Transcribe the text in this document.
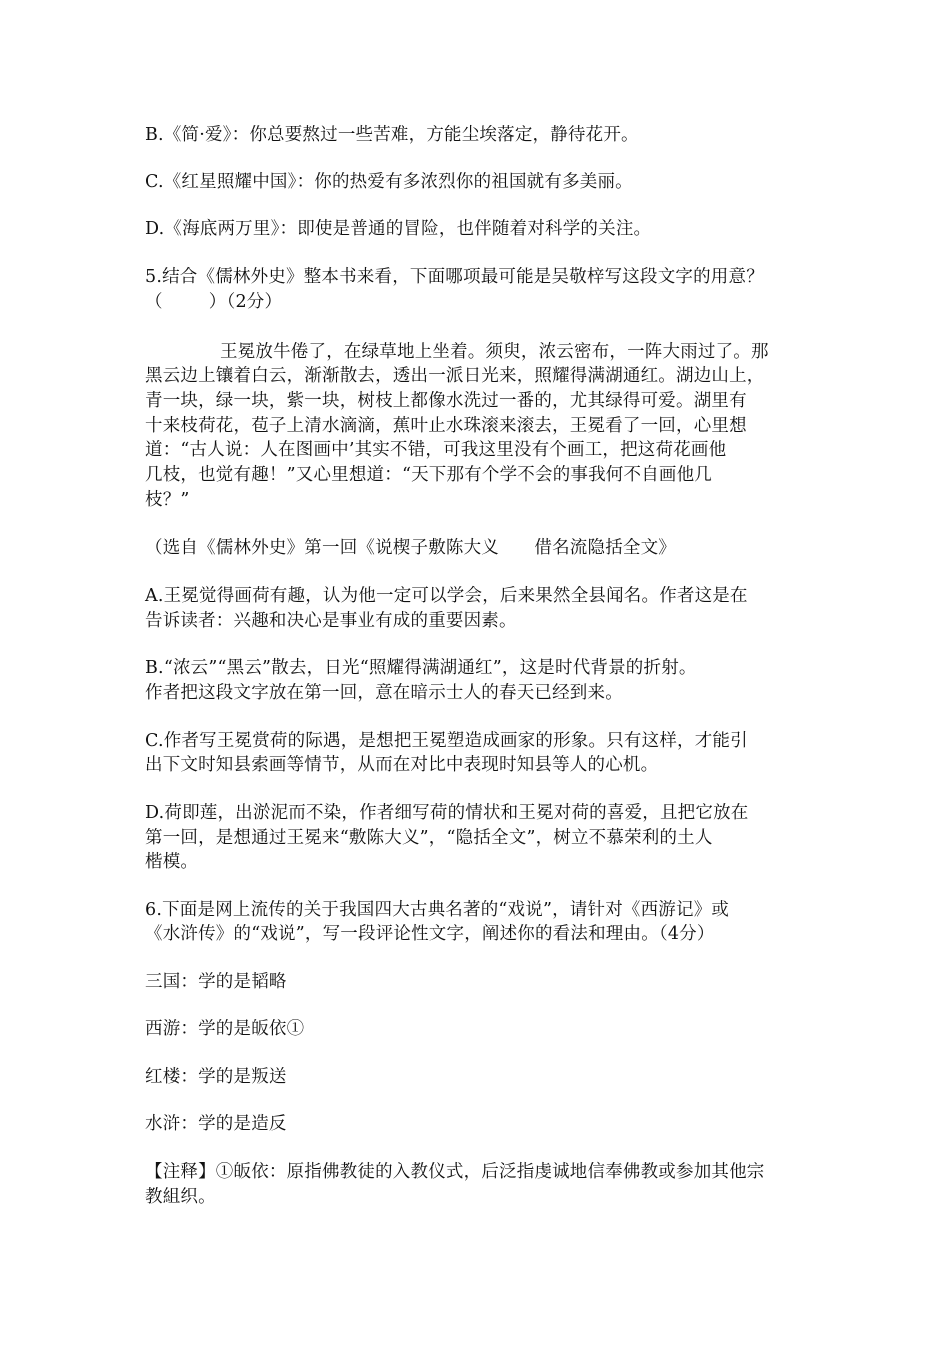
B.《简·爱》：你总要熬过一些苦难，方能尘埃落定，静待花开。
C.《红星照耀中国》：你的热爱有多浓烈你的祖国就有多美丽。
D.《海底两万里》：即使是普通的冒险，也伴随着对科学的关注。
5.结合《儒林外史》整本书来看，下面哪项最可能是吴敬梓写这段文字的用意？
（        ）（2分）
王冕放牛倦了，在绿草地上坐着。须臾，浓云密布，一阵大雨过了。那
黑云边上镶着白云，渐渐散去，透出一派日光来，照耀得满湖通红。湖边山上，
青一块，绿一块，紫一块，树枝上都像水洗过一番的，尤其绿得可爱。湖里有
十来枝荷花，苞子上清水滴滴，蕉叶止水珠滚来滚去，王冕看了一回，心里想
道：“古人说：人在图画中’其实不错，可我这里没有个画工，把这荷花画他
几枝，也觉有趣！”又心里想道：“天下那有个学不会的事我何不自画他几
枝？”
（选自《儒林外史》第一回《说楔子敷陈大义　　借名流隐括全文》
A.王冕觉得画荷有趣，认为他一定可以学会，后来果然全县闻名。作者这是在
告诉读者：兴趣和决心是事业有成的重要因素。
B.“浓云”“黑云”散去，日光“照耀得满湖通红”，这是时代背景的折射。
作者把这段文字放在第一回，意在暗示士人的春天已经到来。
C.作者写王冕赏荷的际遇，是想把王冕塑造成画家的形象。只有这样，才能引
出下文时知县索画等情节，从而在对比中表现时知县等人的心机。
D.荷即莲，出淤泥而不染，作者细写荷的情状和王冕对荷的喜爱，且把它放在
第一回，是想通过王冕来“敷陈大义”，“隐括全文”，树立不慕荣利的土人
楷模。
6.下面是网上流传的关于我国四大古典名著的“戏说”，请针对《西游记》或
《水浒传》的“戏说”，写一段评论性文字，阐述你的看法和理由。（4分）
三国：学的是韬略
西游：学的是皈依①
红楼：学的是叛送
水浒：学的是造反
【注释】①皈依：原指佛教徒的入教仪式，后泛指虔诚地信奉佛教或参加其他宗
教組织。
